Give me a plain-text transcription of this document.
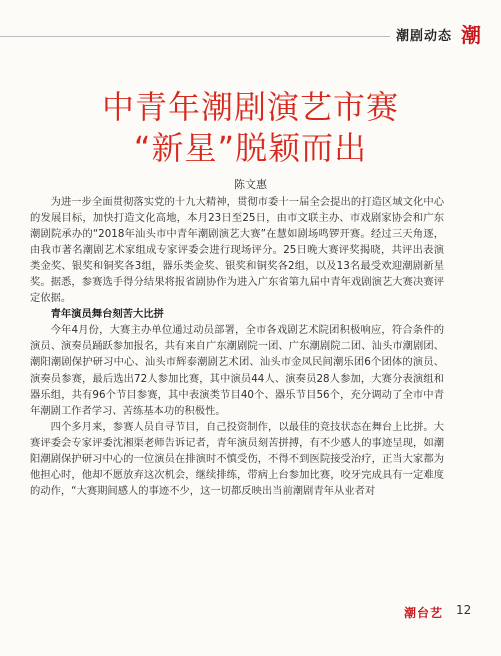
潮剧动态 潮
中青年潮剧演艺市赛
“新星”脱颖而出
陈文惠

为进一步全面贯彻落实党的十九大精神，贯彻市委十一届全会提出的打造区域文化中心的发展目标，加快打造文化高地，本月23日至25日，由市文联主办、市戏剧家协会和广东潮剧院承办的“2018年汕头市中青年潮剧演艺大赛”在慧如剧场鸣锣开赛。经过三天角逐，由我市著名潮剧艺术家组成专家评委会进行现场评分。25日晚大赛评奖揭晓，共评出表演类金奖、银奖和铜奖各3组，器乐类金奖、银奖和铜奖各2组，以及13名最受欢迎潮剧新星奖。据悉，参赛选手得分结果将报省剧协作为进入广东省第九届中青年戏剧演艺大赛决赛评定依据。

青年演员舞台刻苦大比拼

今年4月份，大赛主办单位通过动员部署，全市各戏剧艺术院团积极响应，符合条件的演员、演奏员踊跃参加报名，共有来自广东潮剧院一团、广东潮剧院二团、汕头市潮剧团、潮阳潮剧保护研习中心、汕头市辉泰潮剧艺术团、汕头市金凤民间潮乐团6个团体的演员、演奏员参赛，最后选出72人参加比赛，其中演员44人、演奏员28人参加，大赛分表演组和器乐组，共有96个节目参赛，其中表演类节目40个、器乐节目56个，充分调动了全市中青年潮剧工作者学习、苦练基本功的积极性。

四个多月来，参赛人员自寻节目，自己投资制作，以最佳的竞技状态在舞台上比拼。大赛评委会专家评委沈湘渠老师告诉记者，青年演员刻苦拼搏，有不少感人的事迹呈现，如潮阳潮剧保护研习中心的一位演员在排演时不慎受伤，不得不到医院接受治疗，正当大家都为他担心时，他却不愿放弃这次机会，继续排练，带病上台参加比赛，咬牙完成具有一定难度的动作，“大赛期间感人的事迹不少，这一切都反映出当前潮剧青年从业者对

潮台艺 12
